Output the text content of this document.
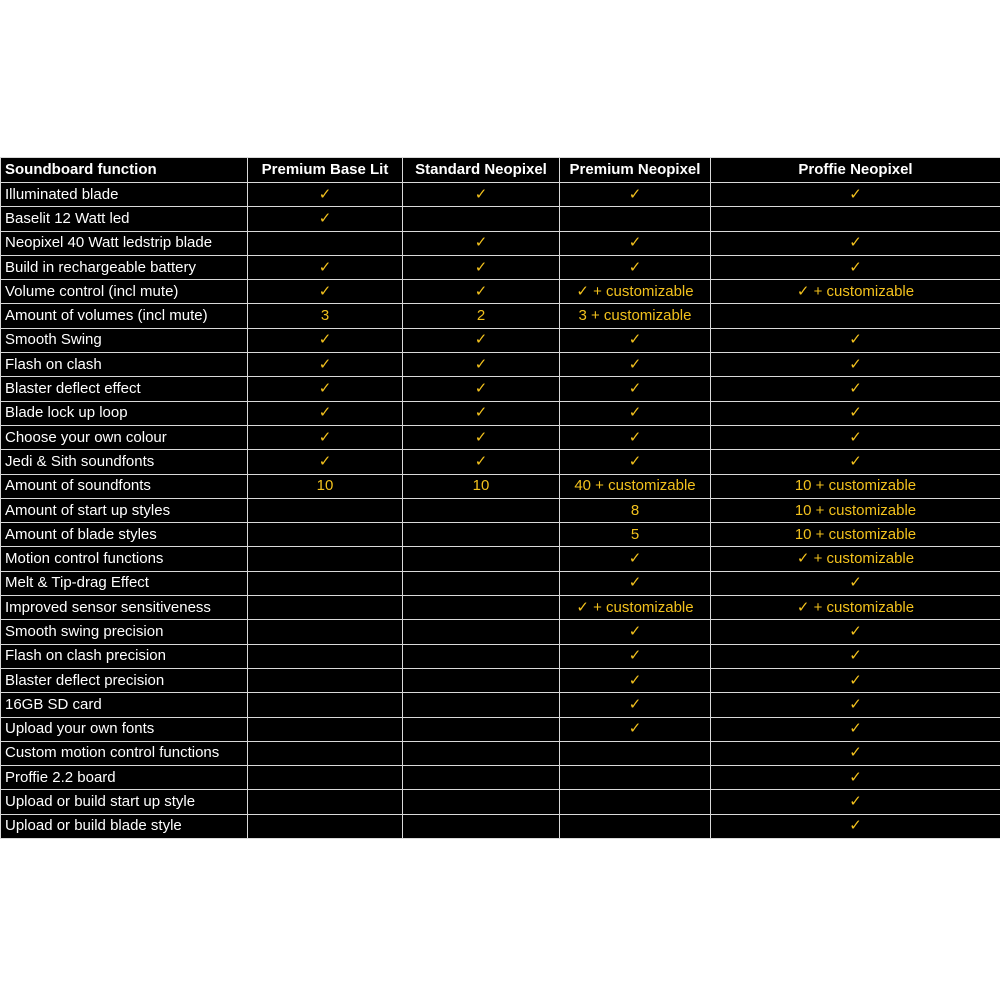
Soundboard function	Premium Base Lit	Standard Neopixel	Premium Neopixel	Proffie Neopixel
Illuminated blade	✓	✓	✓	✓
Baselit 12 Watt led	✓			
Neopixel 40 Watt ledstrip blade		✓	✓	✓
Build in rechargeable battery	✓	✓	✓	✓
Volume control (incl mute)	✓	✓	✓ + customizable	✓ + customizable
Amount of volumes (incl mute)	3	2	3 + customizable	
Smooth Swing	✓	✓	✓	✓
Flash on clash	✓	✓	✓	✓
Blaster deflect effect	✓	✓	✓	✓
Blade lock up loop	✓	✓	✓	✓
Choose your own colour	✓	✓	✓	✓
Jedi & Sith soundfonts	✓	✓	✓	✓
Amount of soundfonts	10	10	40 + customizable	10 + customizable
Amount of start up styles			8	10 + customizable
Amount of blade styles			5	10 + customizable
Motion control functions			✓	✓ + customizable
Melt & Tip-drag Effect			✓	✓
Improved sensor sensitiveness			✓ + customizable	✓ + customizable
Smooth swing precision			✓	✓
Flash on clash precision			✓	✓
Blaster deflect precision			✓	✓
16GB SD card			✓	✓
Upload your own fonts			✓	✓
Custom motion control functions				✓
Proffie 2.2 board				✓
Upload or build start up style				✓
Upload or build blade style				✓
